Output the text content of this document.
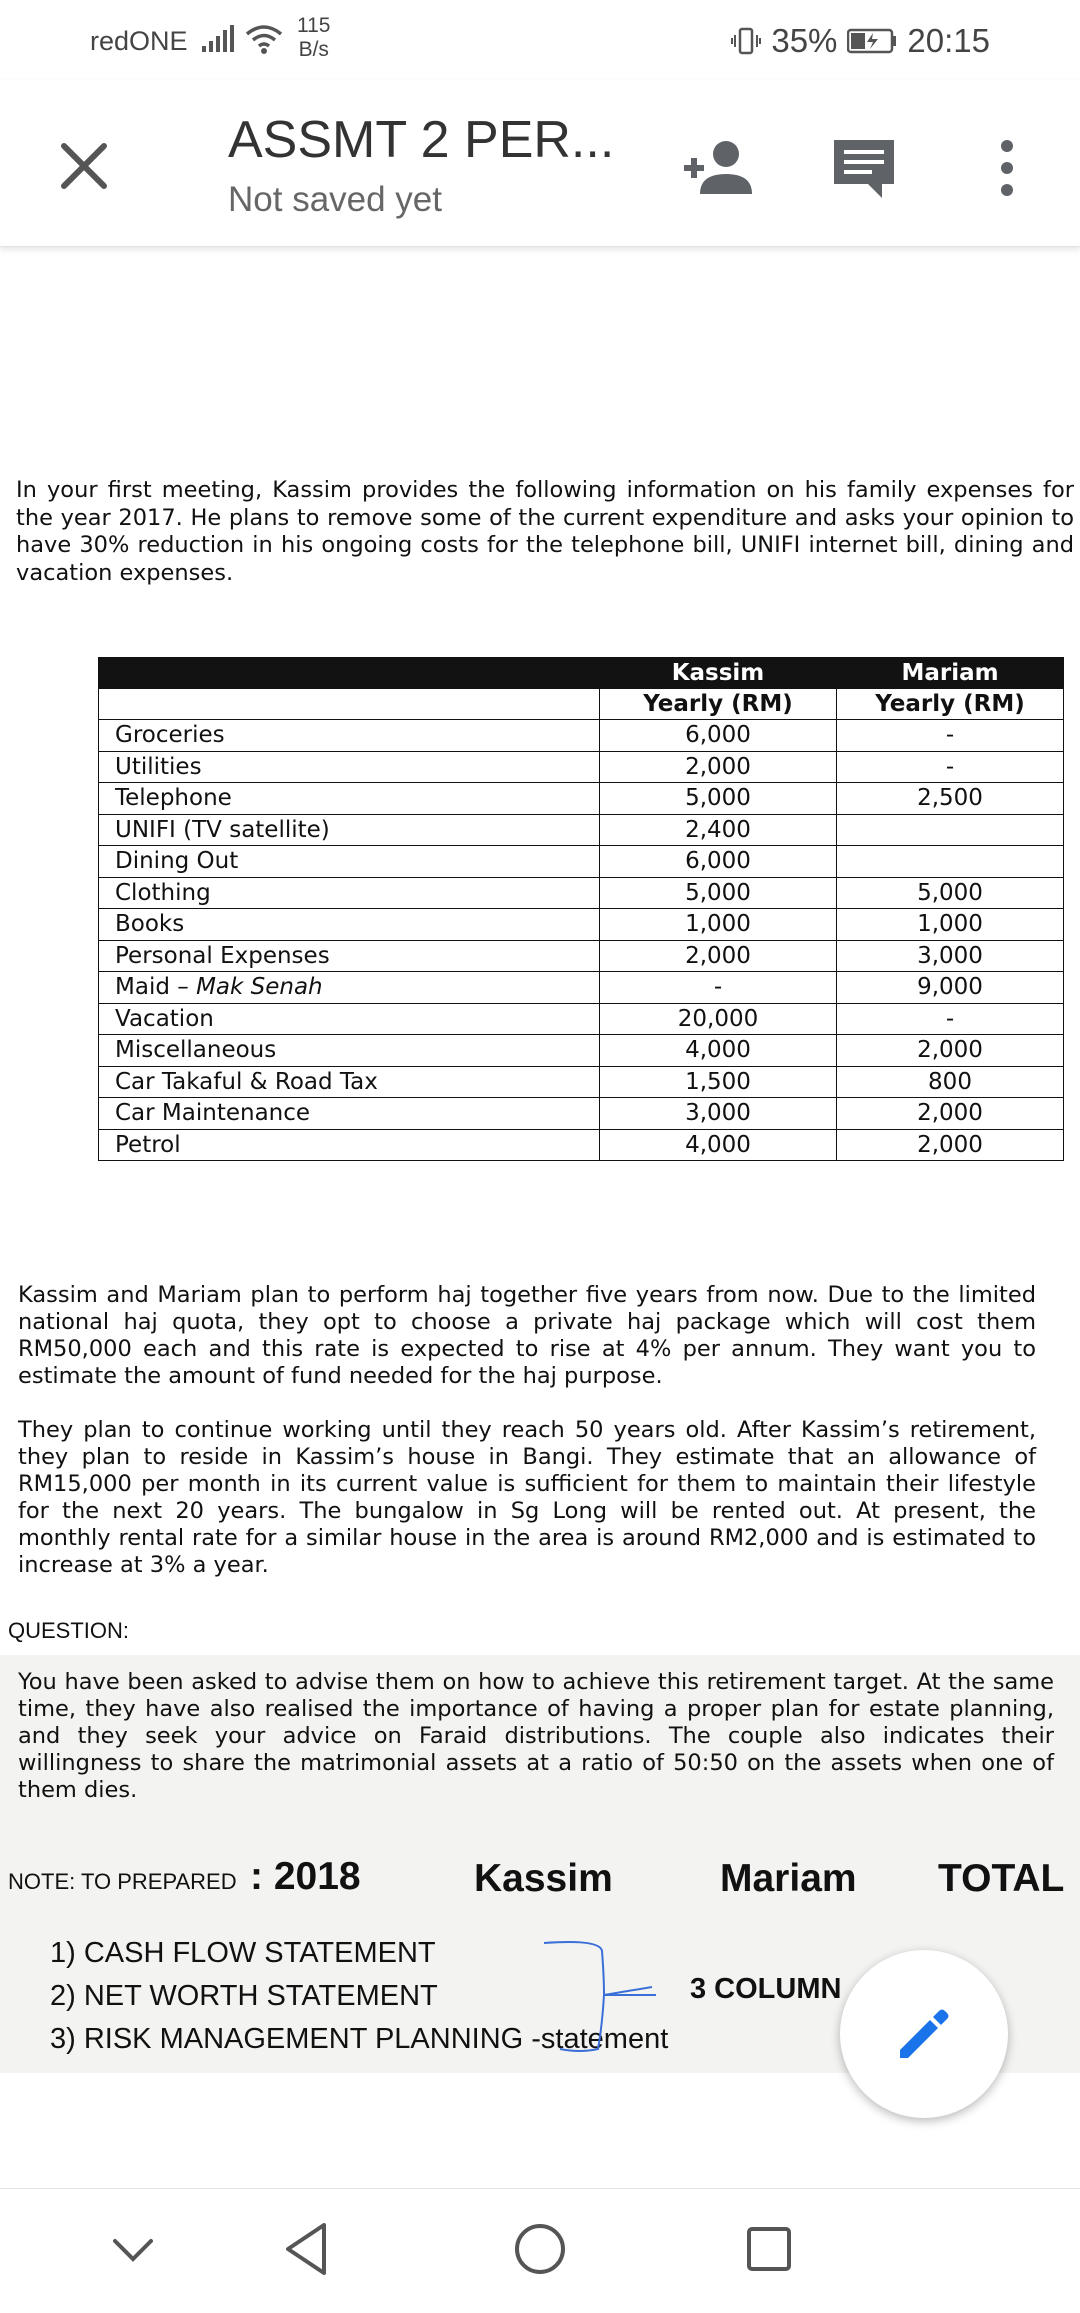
redONE
115
B/s	35% 20:15
ASSMT 2 PER...
Not saved yet
In your first meeting, Kassim provides the following information on his family expenses for the year 2017. He plans to remove some of the current expenditure and asks your opinion to have 30% reduction in his ongoing costs for the telephone bill, UNIFI internet bill, dining and vacation expenses.
	Kassim	Mariam
	Yearly (RM)	Yearly (RM)
Groceries	6,000	-
Utilities	2,000	-
Telephone	5,000	2,500
UNIFI (TV satellite)	2,400	
Dining Out	6,000	
Clothing	5,000	5,000
Books	1,000	1,000
Personal Expenses	2,000	3,000
Maid – Mak Senah	-	9,000
Vacation	20,000	-
Miscellaneous	4,000	2,000
Car Takaful & Road Tax	1,500	800
Car Maintenance	3,000	2,000
Petrol	4,000	2,000
Kassim and Mariam plan to perform haj together five years from now. Due to the limited national haj quota, they opt to choose a private haj package which will cost them RM50,000 each and this rate is expected to rise at 4% per annum. They want you to estimate the amount of fund needed for the haj purpose.
They plan to continue working until they reach 50 years old. After Kassim’s retirement, they plan to reside in Kassim’s house in Bangi. They estimate that an allowance of RM15,000 per month in its current value is sufficient for them to maintain their lifestyle for the next 20 years. The bungalow in Sg Long will be rented out. At present, the monthly rental rate for a similar house in the area is around RM2,000 and is estimated to increase at 3% a year.
QUESTION:
You have been asked to advise them on how to achieve this retirement target. At the same time, they have also realised the importance of having a proper plan for estate planning, and they seek your advice on Faraid distributions. The couple also indicates their willingness to share the matrimonial assets at a ratio of 50:50 on the assets when one of them dies.
NOTE: TO PREPARED : 2018	Kassim	Mariam TOTAL
1) CASH FLOW STATEMENT
2) NET WORTH STATEMENT
3) RISK MANAGEMENT PLANNING -statement
3 COLUMN
